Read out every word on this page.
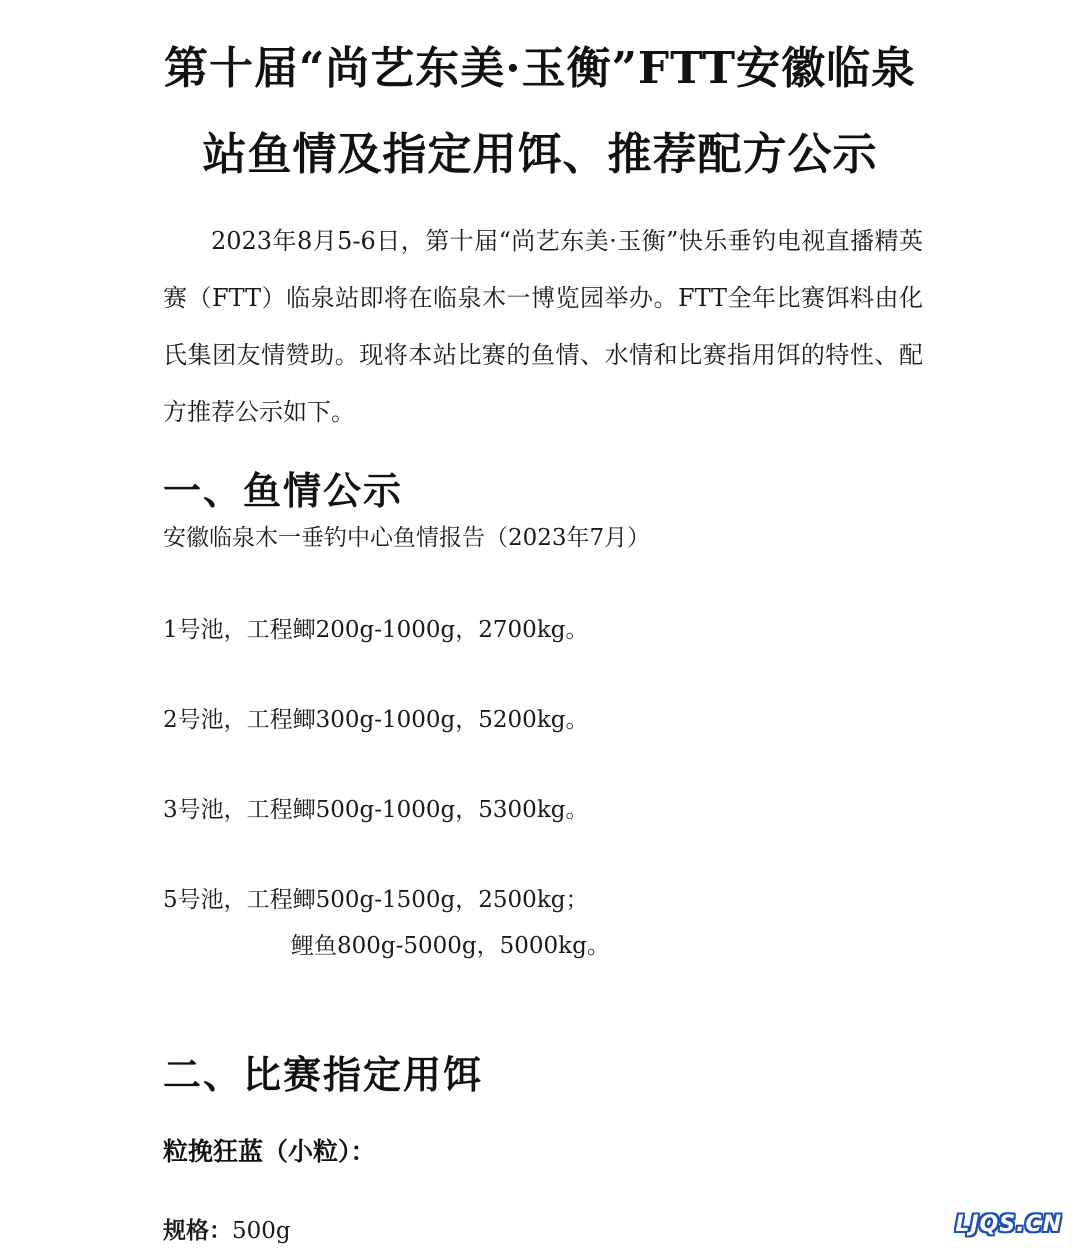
第十届“尚艺东美·玉衡”FTT安徽临泉
站鱼情及指定用饵、推荐配方公示

2023年8月5-6日，第十届“尚艺东美·玉衡”快乐垂钓电视直播精英赛（FTT）临泉站即将在临泉木一博览园举办。FTT全年比赛饵料由化氏集团友情赞助。现将本站比赛的鱼情、水情和比赛指用饵的特性、配方推荐公示如下。

一、鱼情公示
安徽临泉木一垂钓中心鱼情报告（2023年7月）
1号池，工程鲫200g-1000g，2700kg。
2号池，工程鲫300g-1000g，5200kg。
3号池，工程鲫500g-1000g，5300kg。
5号池，工程鲫500g-1500g，2500kg；
鲤鱼800g-5000g，5000kg。
二、比赛指定用饵
粒挽狂蓝（小粒）：
规格：500g	LJQS.CN
